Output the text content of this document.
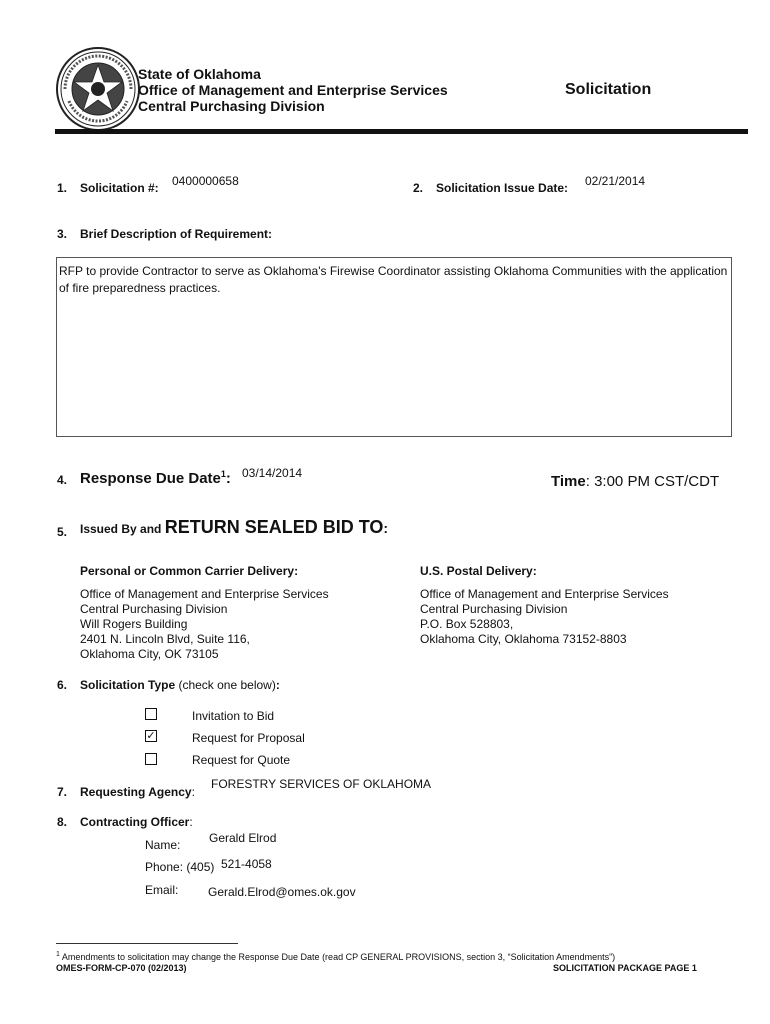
State of Oklahoma
Office of Management and Enterprise Services
Central Purchasing Division
Solicitation
1. Solicitation #: 0400000658	2. Solicitation Issue Date: 02/21/2014
3. Brief Description of Requirement:
RFP to provide Contractor to serve as Oklahoma's Firewise Coordinator assisting Oklahoma Communities with the application of fire preparedness practices.
4. Response Due Date$^1$: 03/14/2014	Time: 3:00 PM CST/CDT
5. Issued By and RETURN SEALED BID TO:
Personal or Common Carrier Delivery:
Office of Management and Enterprise Services
Central Purchasing Division
Will Rogers Building
2401 N. Lincoln Blvd, Suite 116,
Oklahoma City, OK 73105
U.S. Postal Delivery:
Office of Management and Enterprise Services
Central Purchasing Division
P.O. Box 528803,
Oklahoma City, Oklahoma 73152-8803
6. Solicitation Type (check one below):
Invitation to Bid
✓	Request for Proposal
Request for Quote
7. Requesting Agency:
FORESTRY SERVICES OF OKLAHOMA
8. Contracting Officer:
Name: Gerald Elrod
Phone: (405) 521-4058
Email: Gerald.Elrod@omes.ok.gov
$^1$ Amendments to solicitation may change the Response Due Date (read CP GENERAL PROVISIONS, section 3, “Solicitation Amendments”)
OMES-FORM-CP-070 (02/2013)	SOLICITATION PACKAGE PAGE 1
